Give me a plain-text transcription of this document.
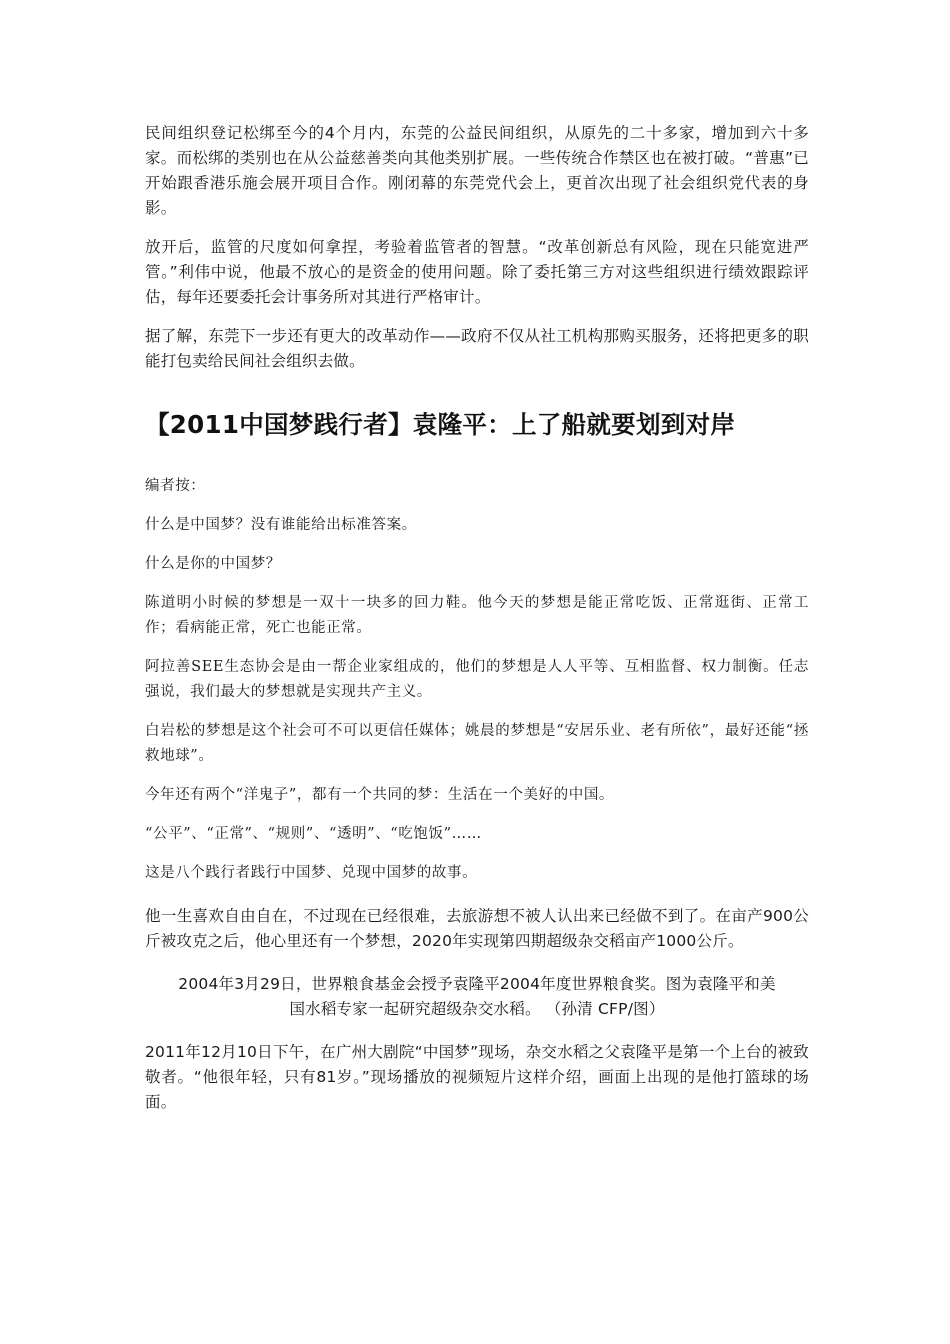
民间组织登记松绑至今的4个月内，东莞的公益民间组织，从原先的二十多家，增加到六十多家。而松绑的类别也在从公益慈善类向其他类别扩展。一些传统合作禁区也在被打破。“普惠”已开始跟香港乐施会展开项目合作。刚闭幕的东莞党代会上，更首次出现了社会组织党代表的身影。

放开后，监管的尺度如何拿捏，考验着监管者的智慧。“改革创新总有风险，现在只能宽进严管。”利伟中说，他最不放心的是资金的使用问题。除了委托第三方对这些组织进行绩效跟踪评估，每年还要委托会计事务所对其进行严格审计。

据了解，东莞下一步还有更大的改革动作——政府不仅从社工机构那购买服务，还将把更多的职能打包卖给民间社会组织去做。

【2011中国梦践行者】袁隆平：上了船就要划到对岸

编者按：

什么是中国梦？没有谁能给出标准答案。

什么是你的中国梦？

陈道明小时候的梦想是一双十一块多的回力鞋。他今天的梦想是能正常吃饭、正常逛街、正常工作；看病能正常，死亡也能正常。

阿拉善SEE生态协会是由一帮企业家组成的，他们的梦想是人人平等、互相监督、权力制衡。任志强说，我们最大的梦想就是实现共产主义。

白岩松的梦想是这个社会可不可以更信任媒体；姚晨的梦想是“安居乐业、老有所依”，最好还能“拯救地球”。

今年还有两个“洋鬼子”，都有一个共同的梦：生活在一个美好的中国。

“公平”、“正常”、“规则”、“透明”、“吃饱饭”……

这是八个践行者践行中国梦、兑现中国梦的故事。

他一生喜欢自由自在，不过现在已经很难，去旅游想不被人认出来已经做不到了。在亩产900公斤被攻克之后，他心里还有一个梦想，2020年实现第四期超级杂交稻亩产1000公斤。

2004年3月29日，世界粮食基金会授予袁隆平2004年度世界粮食奖。图为袁隆平和美

国水稻专家一起研究超级杂交水稻。 （孙清 CFP/图）

2011年12月10日下午，在广州大剧院“中国梦”现场，杂交水稻之父袁隆平是第一个上台的被致敬者。“他很年轻，只有81岁。”现场播放的视频短片这样介绍，画面上出现的是他打篮球的场面。
